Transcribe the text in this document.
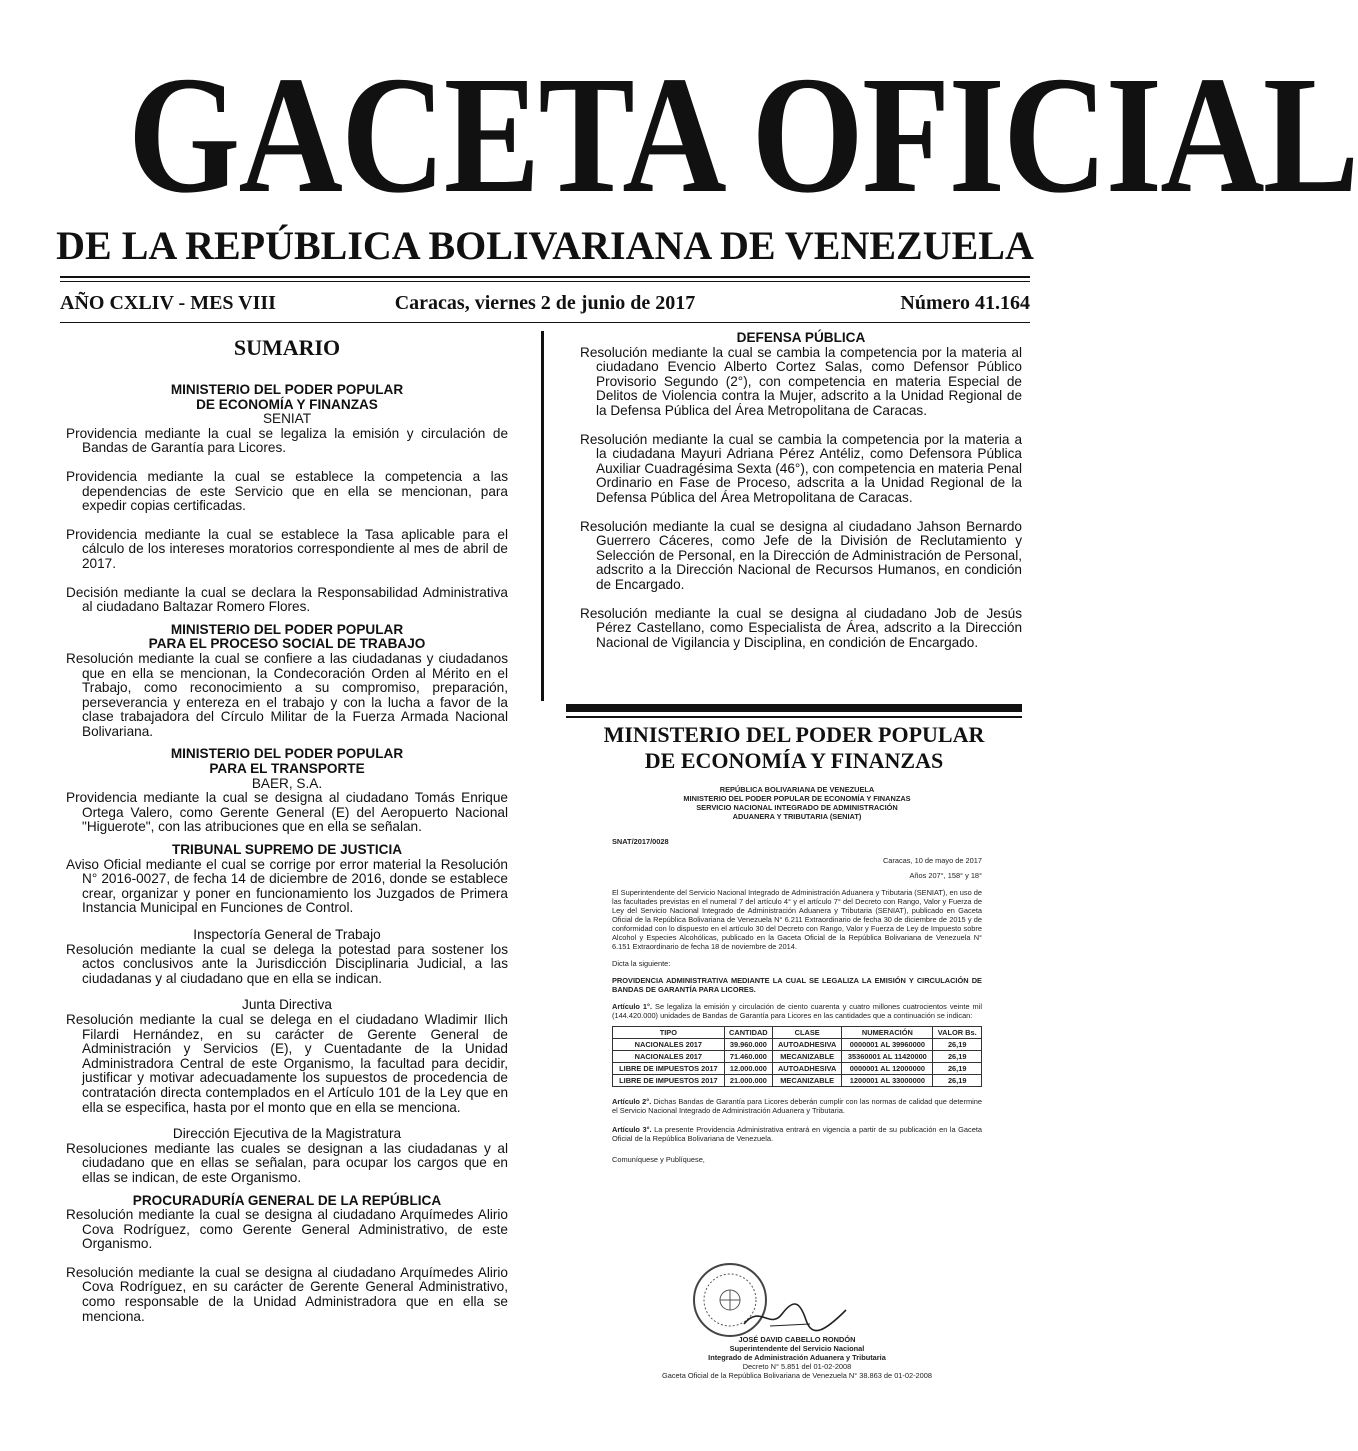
GACETA OFICIAL
DE LA REPÚBLICA BOLIVARIANA DE VENEZUELA
AÑO CXLIV - MES VIII	Caracas, viernes 2 de junio de 2017	Número 41.164
SUMARIO
MINISTERIO DEL PODER POPULAR
DE ECONOMÍA Y FINANZAS
SENIAT

Providencia mediante la cual se legaliza la emisión y circulación de Bandas de Garantía para Licores.

Providencia mediante la cual se establece la competencia a las dependencias de este Servicio que en ella se mencionan, para expedir copias certificadas.

Providencia mediante la cual se establece la Tasa aplicable para el cálculo de los intereses moratorios correspondiente al mes de abril de 2017.

Decisión mediante la cual se declara la Responsabilidad Administrativa al ciudadano Baltazar Romero Flores.

MINISTERIO DEL PODER POPULAR
PARA EL PROCESO SOCIAL DE TRABAJO

Resolución mediante la cual se confiere a las ciudadanas y ciudadanos que en ella se mencionan, la Condecoración Orden al Mérito en el Trabajo, como reconocimiento a su compromiso, preparación, perseverancia y entereza en el trabajo y con la lucha a favor de la clase trabajadora del Círculo Militar de la Fuerza Armada Nacional Bolivariana.

MINISTERIO DEL PODER POPULAR
PARA EL TRANSPORTE
BAER, S.A.

Providencia mediante la cual se designa al ciudadano Tomás Enrique Ortega Valero, como Gerente General (E) del Aeropuerto Nacional "Higuerote", con las atribuciones que en ella se señalan.

TRIBUNAL SUPREMO DE JUSTICIA

Aviso Oficial mediante el cual se corrige por error material la Resolución N° 2016-0027, de fecha 14 de diciembre de 2016, donde se establece crear, organizar y poner en funcionamiento los Juzgados de Primera Instancia Municipal en Funciones de Control.

Inspectoría General de Trabajo

Resolución mediante la cual se delega la potestad para sostener los actos conclusivos ante la Jurisdicción Disciplinaria Judicial, a las ciudadanas y al ciudadano que en ella se indican.

Junta Directiva

Resolución mediante la cual se delega en el ciudadano Wladimir Ilich Filardi Hernández, en su carácter de Gerente General de Administración y Servicios (E), y Cuentadante de la Unidad Administradora Central de este Organismo, la facultad para decidir, justificar y motivar adecuadamente los supuestos de procedencia de contratación directa contemplados en el Artículo 101 de la Ley que en ella se especifica, hasta por el monto que en ella se menciona.

Dirección Ejecutiva de la Magistratura

Resoluciones mediante las cuales se designan a las ciudadanas y al ciudadano que en ellas se señalan, para ocupar los cargos que en ellas se indican, de este Organismo.

PROCURADURÍA GENERAL DE LA REPÚBLICA

Resolución mediante la cual se designa al ciudadano Arquímedes Alirio Cova Rodríguez, como Gerente General Administrativo, de este Organismo.

Resolución mediante la cual se designa al ciudadano Arquímedes Alirio Cova Rodríguez, en su carácter de Gerente General Administrativo, como responsable de la Unidad Administradora que en ella se menciona.

DEFENSA PÚBLICA

Resolución mediante la cual se cambia la competencia por la materia al ciudadano Evencio Alberto Cortez Salas, como Defensor Público Provisorio Segundo (2°), con competencia en materia Especial de Delitos de Violencia contra la Mujer, adscrito a la Unidad Regional de la Defensa Pública del Área Metropolitana de Caracas.

Resolución mediante la cual se cambia la competencia por la materia a la ciudadana Mayuri Adriana Pérez Antéliz, como Defensora Pública Auxiliar Cuadragésima Sexta (46°), con competencia en materia Penal Ordinario en Fase de Proceso, adscrita a la Unidad Regional de la Defensa Pública del Área Metropolitana de Caracas.

Resolución mediante la cual se designa al ciudadano Jahson Bernardo Guerrero Cáceres, como Jefe de la División de Reclutamiento y Selección de Personal, en la Dirección de Administración de Personal, adscrito a la Dirección Nacional de Recursos Humanos, en condición de Encargado.

Resolución mediante la cual se designa al ciudadano Job de Jesús Pérez Castellano, como Especialista de Área, adscrito a la Dirección Nacional de Vigilancia y Disciplina, en condición de Encargado.

MINISTERIO DEL PODER POPULAR
DE ECONOMÍA Y FINANZAS
REPÚBLICA BOLIVARIANA DE VENEZUELA
MINISTERIO DEL PODER POPULAR DE ECONOMÍA Y FINANZAS
SERVICIO NACIONAL INTEGRADO DE ADMINISTRACIÓN
ADUANERA Y TRIBUTARIA (SENIAT)
SNAT/2017/0028
Caracas, 10 de mayo de 2017
Años 207°, 158° y 18°
El Superintendente del Servicio Nacional Integrado de Administración Aduanera y Tributaria (SENIAT), en uso de las facultades previstas en el numeral 7 del artículo 4° y el artículo 7° del Decreto con Rango, Valor y Fuerza de Ley del Servicio Nacional Integrado de Administración Aduanera y Tributaria (SENIAT), publicado en Gaceta Oficial de la República Bolivariana de Venezuela N° 6.211 Extraordinario de fecha 30 de diciembre de 2015 y de conformidad con lo dispuesto en el artículo 30 del Decreto con Rango, Valor y Fuerza de Ley de Impuesto sobre Alcohol y Especies Alcohólicas, publicado en la Gaceta Oficial de la República Bolivariana de Venezuela N° 6.151 Extraordinario de fecha 18 de noviembre de 2014.
Dicta la siguiente:
PROVIDENCIA ADMINISTRATIVA MEDIANTE LA CUAL SE LEGALIZA LA EMISIÓN Y CIRCULACIÓN DE BANDAS DE GARANTÍA PARA LICORES.
Artículo 1°. Se legaliza la emisión y circulación de ciento cuarenta y cuatro millones cuatrocientos veinte mil (144.420.000) unidades de Bandas de Garantía para Licores en las cantidades que a continuación se indican:
TIPO	CANTIDAD	CLASE	NUMERACIÓN	VALOR Bs.
NACIONALES 2017	39.960.000	AUTOADHESIVA	0000001 AL 39960000	26,19
NACIONALES 2017	71.460.000	MECANIZABLE	35360001 AL 11420000	26,19
LIBRE DE IMPUESTOS 2017	12.000.000	AUTOADHESIVA	0000001 AL 12000000	26,19
LIBRE DE IMPUESTOS 2017	21.000.000	MECANIZABLE	1200001 AL 33000000	26,19
Artículo 2°. Dichas Bandas de Garantía para Licores deberán cumplir con las normas de calidad que determine el Servicio Nacional Integrado de Administración Aduanera y Tributaria.
Artículo 3°. La presente Providencia Administrativa entrará en vigencia a partir de su publicación en la Gaceta Oficial de la República Bolivariana de Venezuela.
Comuníquese y Publíquese,
JOSÉ DAVID CABELLO RONDÓN
Superintendente del Servicio Nacional
Integrado de Administración Aduanera y Tributaria
Decreto N° 5.851 del 01-02-2008
Gaceta Oficial de la República Bolivariana de Venezuela N° 38.863 de 01-02-2008
